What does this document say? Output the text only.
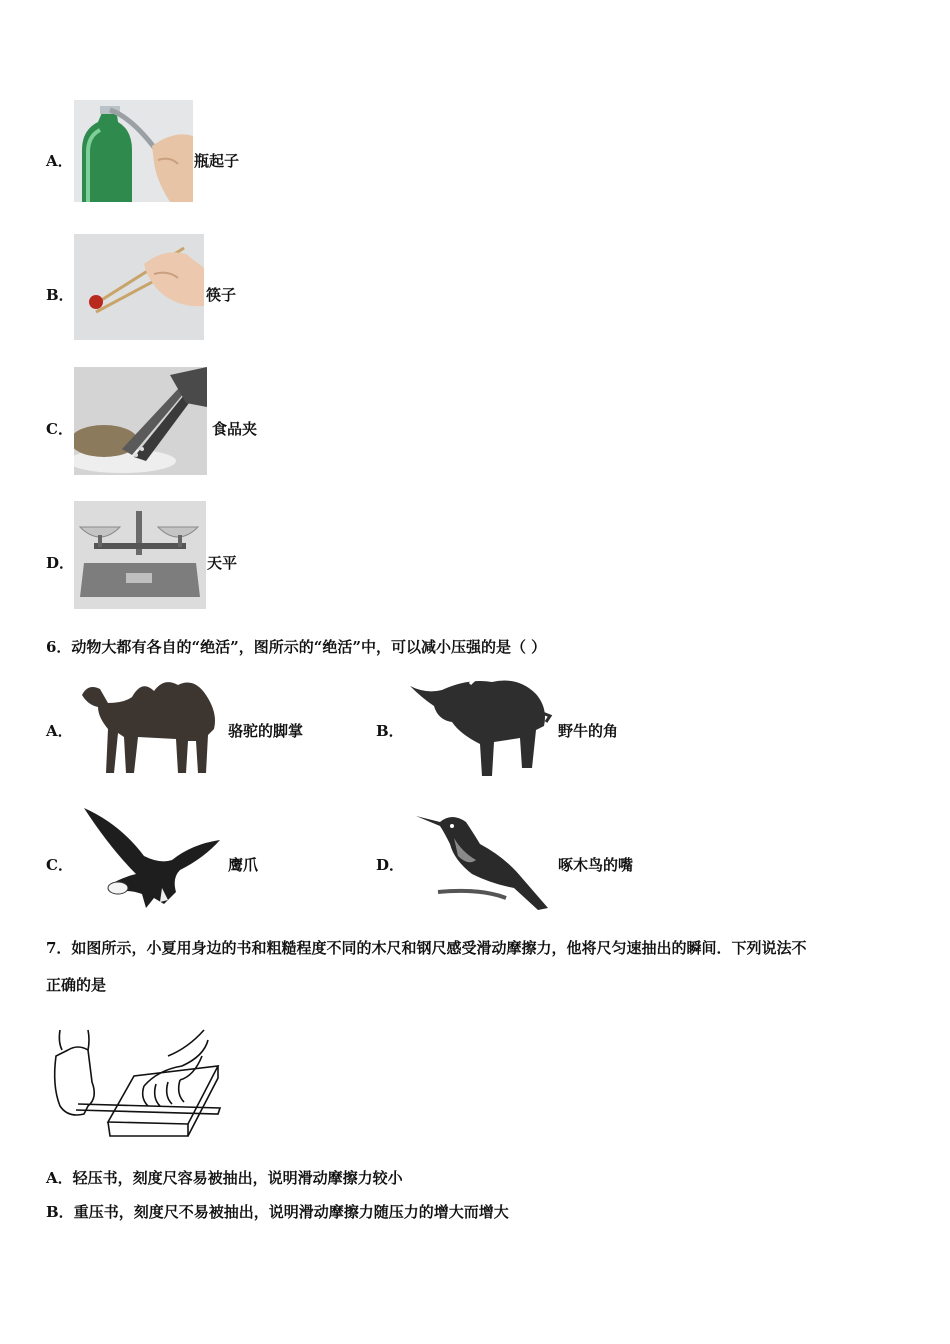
A．	瓶起子
B．	筷子
C．	食品夹
D．	天平
6．动物大都有各自的“绝活”，图所示的“绝活”中，可以减小压强的是（ ）
A．	骆驼的脚掌	B．	野牛的角
C．	鹰爪	D．	啄木鸟的嘴
7．如图所示，小夏用身边的书和粗糙程度不同的木尺和钢尺感受滑动摩擦力，他将尺匀速抽出的瞬间．下列说法不
正确的是
A．轻压书，刻度尺容易被抽出，说明滑动摩擦力较小
B．重压书，刻度尺不易被抽出，说明滑动摩擦力随压力的增大而增大
